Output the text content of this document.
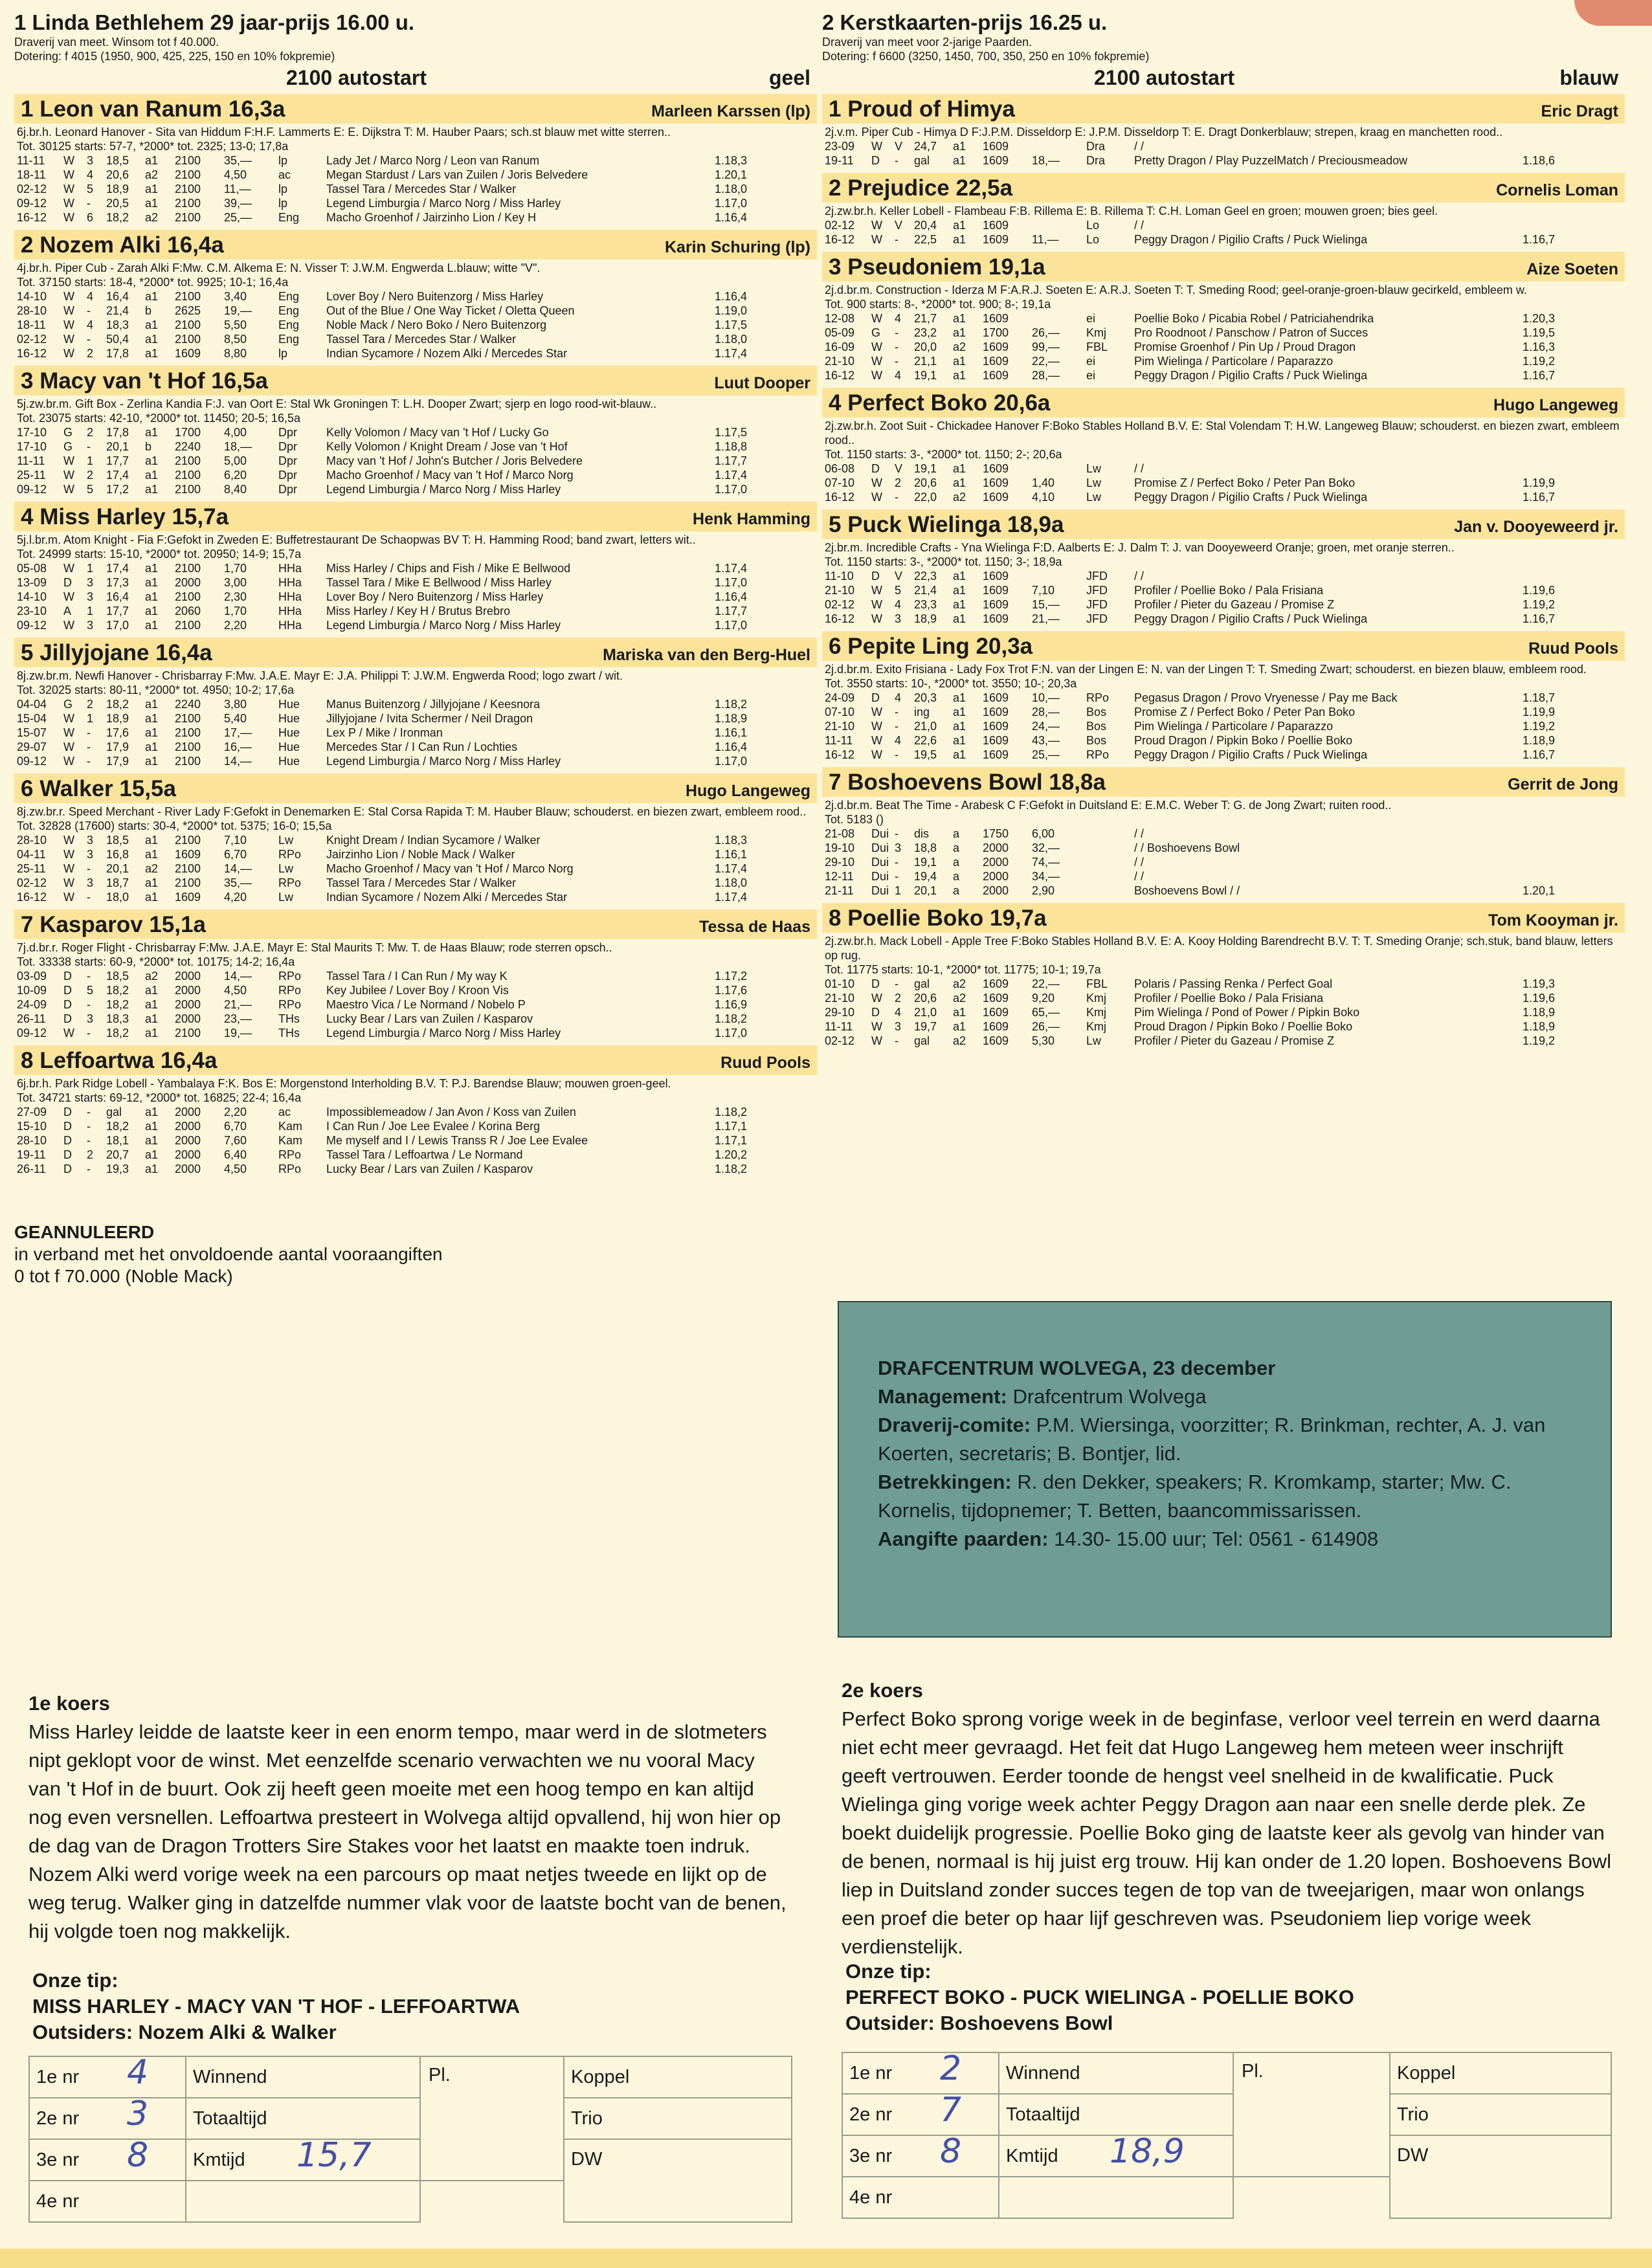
1 Linda Bethlehem 29 jaar-prijs 16.00 u.
Draverij van meet. Winsom tot f 40.000.
Dotering: f 4015 (1950, 900, 425, 225, 150 en 10% fokpremie)
2100 autostart	geel
1 Leon van Ranum 16,3a	Marleen Karssen (lp)
6j.br.h. Leonard Hanover - Sita van Hiddum F:H.F. Lammerts E: E. Dijkstra T: M. Hauber Paars; sch.st blauw met witte sterren..
Tot. 30125 starts: 57-7, *2000* tot. 2325; 13-0; 17,8a
11-11	W	3	18,5	a1	2100	35,—	lp	Lady Jet / Marco Norg / Leon van Ranum	1.18,3
18-11	W	4	20,6	a2	2100	4,50	ac	Megan Stardust / Lars van Zuilen / Joris Belvedere	1.20,1
02-12	W	5	18,9	a1	2100	11,—	lp	Tassel Tara / Mercedes Star / Walker	1.18,0
09-12	W	-	20,5	a1	2100	39,—	lp	Legend Limburgia / Marco Norg / Miss Harley	1.17,0
16-12	W	6	18,2	a2	2100	25,—	Eng	Macho Groenhof / Jairzinho Lion / Key H	1.16,4
2 Nozem Alki 16,4a	Karin Schuring (lp)
4j.br.h. Piper Cub - Zarah Alki F:Mw. C.M. Alkema E: N. Visser T: J.W.M. Engwerda L.blauw; witte "V".
Tot. 37150 starts: 18-4, *2000* tot. 9925; 10-1; 16,4a
14-10	W	4	16,4	a1	2100	3,40	Eng	Lover Boy / Nero Buitenzorg / Miss Harley	1.16,4
28-10	W	-	21,4	b	2625	19,—	Eng	Out of the Blue / One Way Ticket / Oletta Queen	1.19,0
18-11	W	4	18,3	a1	2100	5,50	Eng	Noble Mack / Nero Boko / Nero Buitenzorg	1.17,5
02-12	W	-	50,4	a1	2100	8,50	Eng	Tassel Tara / Mercedes Star / Walker	1.18,0
16-12	W	2	17,8	a1	1609	8,80	lp	Indian Sycamore / Nozem Alki / Mercedes Star	1.17,4
3 Macy van 't Hof 16,5a	Luut Dooper
5j.zw.br.m. Gift Box - Zerlina Kandia F:J. van Oort E: Stal Wk Groningen T: L.H. Dooper Zwart; sjerp en logo rood-wit-blauw..
Tot. 23075 starts: 42-10, *2000* tot. 11450; 20-5; 16,5a
17-10	G	2	17,8	a1	1700	4,00	Dpr	Kelly Volomon / Macy van 't Hof / Lucky Go	1.17,5
17-10	G	-	20,1	b	2240	18,—	Dpr	Kelly Volomon / Knight Dream / Jose van 't Hof	1.18,8
11-11	W	1	17,7	a1	2100	5,00	Dpr	Macy van 't Hof / John's Butcher / Joris Belvedere	1.17,7
25-11	W	2	17,4	a1	2100	6,20	Dpr	Macho Groenhof / Macy van 't Hof / Marco Norg	1.17,4
09-12	W	5	17,2	a1	2100	8,40	Dpr	Legend Limburgia / Marco Norg / Miss Harley	1.17,0
4 Miss Harley 15,7a	Henk Hamming
5j.l.br.m. Atom Knight - Fia F:Gefokt in Zweden E: Buffetrestaurant De Schaopwas BV T: H. Hamming Rood; band zwart, letters wit..
Tot. 24999 starts: 15-10, *2000* tot. 20950; 14-9; 15,7a
05-08	W	1	17,4	a1	2100	1,70	HHa	Miss Harley / Chips and Fish / Mike E Bellwood	1.17,4
13-09	D	3	17,3	a1	2000	3,00	HHa	Tassel Tara / Mike E Bellwood / Miss Harley	1.17,0
14-10	W	3	16,4	a1	2100	2,30	HHa	Lover Boy / Nero Buitenzorg / Miss Harley	1.16,4
23-10	A	1	17,7	a1	2060	1,70	HHa	Miss Harley / Key H / Brutus Brebro	1.17,7
09-12	W	3	17,0	a1	2100	2,20	HHa	Legend Limburgia / Marco Norg / Miss Harley	1.17,0
5 Jillyjojane 16,4a	Mariska van den Berg-Huel
8j.zw.br.m. Newfi Hanover - Chrisbarray F:Mw. J.A.E. Mayr E: J.A. Philippi T: J.W.M. Engwerda Rood; logo zwart / wit.
Tot. 32025 starts: 80-11, *2000* tot. 4950; 10-2; 17,6a
04-04	G	2	18,2	a1	2240	3,80	Hue	Manus Buitenzorg / Jillyjojane / Keesnora	1.18,2
15-04	W	1	18,9	a1	2100	5,40	Hue	Jillyjojane / Ivita Schermer / Neil Dragon	1.18,9
15-07	W	-	17,6	a1	2100	17,—	Hue	Lex P / Mike / Ironman	1.16,1
29-07	W	-	17,9	a1	2100	16,—	Hue	Mercedes Star / I Can Run / Lochties	1.16,4
09-12	W	-	17,9	a1	2100	14,—	Hue	Legend Limburgia / Marco Norg / Miss Harley	1.17,0
6 Walker 15,5a	Hugo Langeweg
8j.zw.br.r. Speed Merchant - River Lady F:Gefokt in Denemarken E: Stal Corsa Rapida T: M. Hauber Blauw; schouderst. en biezen zwart, embleem rood..
Tot. 32828 (17600) starts: 30-4, *2000* tot. 5375; 16-0; 15,5a
28-10	W	3	18,5	a1	2100	7,10	Lw	Knight Dream / Indian Sycamore / Walker	1.18,3
04-11	W	3	16,8	a1	1609	6,70	RPo	Jairzinho Lion / Noble Mack / Walker	1.16,1
25-11	W	-	20,1	a2	2100	14,—	Lw	Macho Groenhof / Macy van 't Hof / Marco Norg	1.17,4
02-12	W	3	18,7	a1	2100	35,—	RPo	Tassel Tara / Mercedes Star / Walker	1.18,0
16-12	W	-	18,0	a1	1609	4,20	Lw	Indian Sycamore / Nozem Alki / Mercedes Star	1.17,4
7 Kasparov 15,1a	Tessa de Haas
7j.d.br.r. Roger Flight - Chrisbarray F:Mw. J.A.E. Mayr E: Stal Maurits T: Mw. T. de Haas Blauw; rode sterren opsch..
Tot. 33338 starts: 60-9, *2000* tot. 10175; 14-2; 16,4a
03-09	D	-	18,5	a2	2000	14,—	RPo	Tassel Tara / I Can Run / My way K	1.17,2
10-09	D	5	18,2	a1	2000	4,50	RPo	Key Jubilee / Lover Boy / Kroon Vis	1.17,6
24-09	D	-	18,2	a1	2000	21,—	RPo	Maestro Vica / Le Normand / Nobelo P	1.16,9
26-11	D	3	18,3	a1	2000	23,—	THs	Lucky Bear / Lars van Zuilen / Kasparov	1.18,2
09-12	W	-	18,2	a1	2100	19,—	THs	Legend Limburgia / Marco Norg / Miss Harley	1.17,0
8 Leffoartwa 16,4a	Ruud Pools
6j.br.h. Park Ridge Lobell - Yambalaya F:K. Bos E: Morgenstond Interholding B.V. T: P.J. Barendse Blauw; mouwen groen-geel.
Tot. 34721 starts: 69-12, *2000* tot. 16825; 22-4; 16,4a
27-09	D	-	gal	a1	2000	2,20	ac	Impossiblemeadow / Jan Avon / Koss van Zuilen	1.18,2
15-10	D	-	18,2	a1	2000	6,70	Kam	I Can Run / Joe Lee Evalee / Korina Berg	1.17,1
28-10	D	-	18,1	a1	2000	7,60	Kam	Me myself and I / Lewis Transs R / Joe Lee Evalee	1.17,1
19-11	D	2	20,7	a1	2000	6,40	RPo	Tassel Tara / Leffoartwa / Le Normand	1.20,2
26-11	D	-	19,3	a1	2000	4,50	RPo	Lucky Bear / Lars van Zuilen / Kasparov	1.18,2
GEANNULEERD
in verband met het onvoldoende aantal vooraangiften
0 tot f 70.000 (Noble Mack)
2 Kerstkaarten-prijs 16.25 u.
Draverij van meet voor 2-jarige Paarden.
Dotering: f 6600 (3250, 1450, 700, 350, 250 en 10% fokpremie)
2100 autostart	blauw
1 Proud of Himya	Eric Dragt
2j.v.m. Piper Cub - Himya D F:J.P.M. Disseldorp E: J.P.M. Disseldorp T: E. Dragt Donkerblauw; strepen, kraag en manchetten rood..
23-09	W	V	24,7	a1	1609		Dra	/ /	
19-11	D	-	gal	a1	1609	18,—	Dra	Pretty Dragon / Play PuzzelMatch / Preciousmeadow	1.18,6
2 Prejudice 22,5a	Cornelis Loman
2j.zw.br.h. Keller Lobell - Flambeau F:B. Rillema E: B. Rillema T: C.H. Loman Geel en groen; mouwen groen; bies geel.
02-12	W	V	20,4	a1	1609		Lo	/ /	
16-12	W	-	22,5	a1	1609	11,—	Lo	Peggy Dragon / Pigilio Crafts / Puck Wielinga	1.16,7
3 Pseudoniem 19,1a	Aize Soeten
2j.d.br.m. Construction - Iderza M F:A.R.J. Soeten E: A.R.J. Soeten T: T. Smeding Rood; geel-oranje-groen-blauw gecirkeld, embleem w.
Tot. 900 starts: 8-, *2000* tot. 900; 8-; 19,1a
12-08	W	4	21,7	a1	1609		ei	Poellie Boko / Picabia Robel / Patriciahendrika	1.20,3
05-09	G	-	23,2	a1	1700	26,—	Kmj	Pro Roodnoot / Panschow / Patron of Succes	1.19,5
16-09	W	-	20,0	a2	1609	99,—	FBL	Promise Groenhof / Pin Up / Proud Dragon	1.16,3
21-10	W	-	21,1	a1	1609	22,—	ei	Pim Wielinga / Particolare / Paparazzo	1.19,2
16-12	W	4	19,1	a1	1609	28,—	ei	Peggy Dragon / Pigilio Crafts / Puck Wielinga	1.16,7
4 Perfect Boko 20,6a	Hugo Langeweg
2j.zw.br.h. Zoot Suit - Chickadee Hanover F:Boko Stables Holland B.V. E: Stal Volendam T: H.W. Langeweg Blauw; schouderst. en biezen zwart, embleem rood..
Tot. 1150 starts: 3-, *2000* tot. 1150; 2-; 20,6a
06-08	D	V	19,1	a1	1609		Lw	/ /	
07-10	W	2	20,6	a1	1609	1,40	Lw	Promise Z / Perfect Boko / Peter Pan Boko	1.19,9
16-12	W	-	22,0	a2	1609	4,10	Lw	Peggy Dragon / Pigilio Crafts / Puck Wielinga	1.16,7
5 Puck Wielinga 18,9a	Jan v. Dooyeweerd jr.
2j.br.m. Incredible Crafts - Yna Wielinga F:D. Aalberts E: J. Dalm T: J. van Dooyeweerd Oranje; groen, met oranje sterren..
Tot. 1150 starts: 3-, *2000* tot. 1150; 3-; 18,9a
11-10	D	V	22,3	a1	1609		JFD	/ /	
21-10	W	5	21,4	a1	1609	7,10	JFD	Profiler / Poellie Boko / Pala Frisiana	1.19,6
02-12	W	4	23,3	a1	1609	15,—	JFD	Profiler / Pieter du Gazeau / Promise Z	1.19,2
16-12	W	3	18,9	a1	1609	21,—	JFD	Peggy Dragon / Pigilio Crafts / Puck Wielinga	1.16,7
6 Pepite Ling 20,3a	Ruud Pools
2j.d.br.m. Exito Frisiana - Lady Fox Trot F:N. van der Lingen E: N. van der Lingen T: T. Smeding Zwart; schouderst. en biezen blauw, embleem rood.
Tot. 3550 starts: 10-, *2000* tot. 3550; 10-; 20,3a
24-09	D	4	20,3	a1	1609	10,—	RPo	Pegasus Dragon / Provo Vryenesse / Pay me Back	1.18,7
07-10	W	-	ing	a1	1609	28,—	Bos	Promise Z / Perfect Boko / Peter Pan Boko	1.19,9
21-10	W	-	21,0	a1	1609	24,—	Bos	Pim Wielinga / Particolare / Paparazzo	1.19,2
11-11	W	4	22,6	a1	1609	43,—	Bos	Proud Dragon / Pipkin Boko / Poellie Boko	1.18,9
16-12	W	-	19,5	a1	1609	25,—	RPo	Peggy Dragon / Pigilio Crafts / Puck Wielinga	1.16,7
7 Boshoevens Bowl 18,8a	Gerrit de Jong
2j.d.br.m. Beat The Time - Arabesk C F:Gefokt in Duitsland E: E.M.C. Weber T: G. de Jong Zwart; ruiten rood..
Tot. 5183 ()
21-08	Dui	-	dis	a	1750	6,00		/ /	
19-10	Dui	3	18,8	a	2000	32,—		/ / Boshoevens Bowl	
29-10	Dui	-	19,1	a	2000	74,—		/ /	
12-11	Dui	-	19,4	a	2000	34,—		/ /	
21-11	Dui	1	20,1	a	2000	2,90		Boshoevens Bowl / /	1.20,1
8 Poellie Boko 19,7a	Tom Kooyman jr.
2j.zw.br.h. Mack Lobell - Apple Tree F:Boko Stables Holland B.V. E: A. Kooy Holding Barendrecht B.V. T: T. Smeding Oranje; sch.stuk, band blauw, letters op rug.
Tot. 11775 starts: 10-1, *2000* tot. 11775; 10-1; 19,7a
01-10	D	-	gal	a2	1609	22,—	FBL	Polaris / Passing Renka / Perfect Goal	1.19,3
21-10	W	2	20,6	a2	1609	9,20	Kmj	Profiler / Poellie Boko / Pala Frisiana	1.19,6
29-10	D	4	21,0	a1	1609	65,—	Kmj	Pim Wielinga / Pond of Power / Pipkin Boko	1.18,9
11-11	W	3	19,7	a1	1609	26,—	Kmj	Proud Dragon / Pipkin Boko / Poellie Boko	1.18,9
02-12	W	-	gal	a2	1609	5,30	Lw	Profiler / Pieter du Gazeau / Promise Z	1.19,2
DRAFCENTRUM WOLVEGA, 23 december
Management: Drafcentrum Wolvega
Draverij-comite: P.M. Wiersinga, voorzitter; R. Brinkman, rechter, A. J. van Koerten, secretaris; B. Bontjer, lid.
Betrekkingen: R. den Dekker, speakers; R. Kromkamp, starter; Mw. C. Kornelis, tijdopnemer; T. Betten, baancommissarissen.
Aangifte paarden: 14.30- 15.00 uur; Tel: 0561 - 614908
1e koers
Miss Harley leidde de laatste keer in een enorm tempo, maar werd in de slotmeters nipt geklopt voor de winst. Met eenzelfde scenario verwachten we nu vooral Macy van 't Hof in de buurt. Ook zij heeft geen moeite met een hoog tempo en kan altijd nog even versnellen. Leffoartwa presteert in Wolvega altijd opvallend, hij won hier op de dag van de Dragon Trotters Sire Stakes voor het laatst en maakte toen indruk. Nozem Alki werd vorige week na een parcours op maat netjes tweede en lijkt op de weg terug. Walker ging in datzelfde nummer vlak voor de laatste bocht van de benen, hij volgde toen nog makkelijk.
2e koers
Perfect Boko sprong vorige week in de beginfase, verloor veel terrein en werd daarna niet echt meer gevraagd. Het feit dat Hugo Langeweg hem meteen weer inschrijft geeft vertrouwen. Eerder toonde de hengst veel snelheid in de kwalificatie. Puck Wielinga ging vorige week achter Peggy Dragon aan naar een snelle derde plek. Ze boekt duidelijk progressie. Poellie Boko ging de laatste keer als gevolg van hinder van de benen, normaal is hij juist erg trouw. Hij kan onder de 1.20 lopen. Boshoevens Bowl liep in Duitsland zonder succes tegen de top van de tweejarigen, maar won onlangs een proef die beter op haar lijf geschreven was. Pseudoniem liep vorige week verdienstelijk.
Onze tip:
MISS HARLEY - MACY VAN 'T HOF - LEFFOARTWA
Outsiders: Nozem Alki & Walker
Onze tip:
PERFECT BOKO - PUCK WIELINGA - POELLIE BOKO
Outsider: Boshoevens Bowl
1e nr 4	Winnend	Pl.	Koppel
2e nr 3	Totaaltijd		Trio
3e nr 8	Kmtijd 15,7		DW
4e nr			
1e nr 2	Winnend	Pl.	Koppel
2e nr 7	Totaaltijd		Trio
3e nr 8	Kmtijd 18,9		DW
4e nr			
